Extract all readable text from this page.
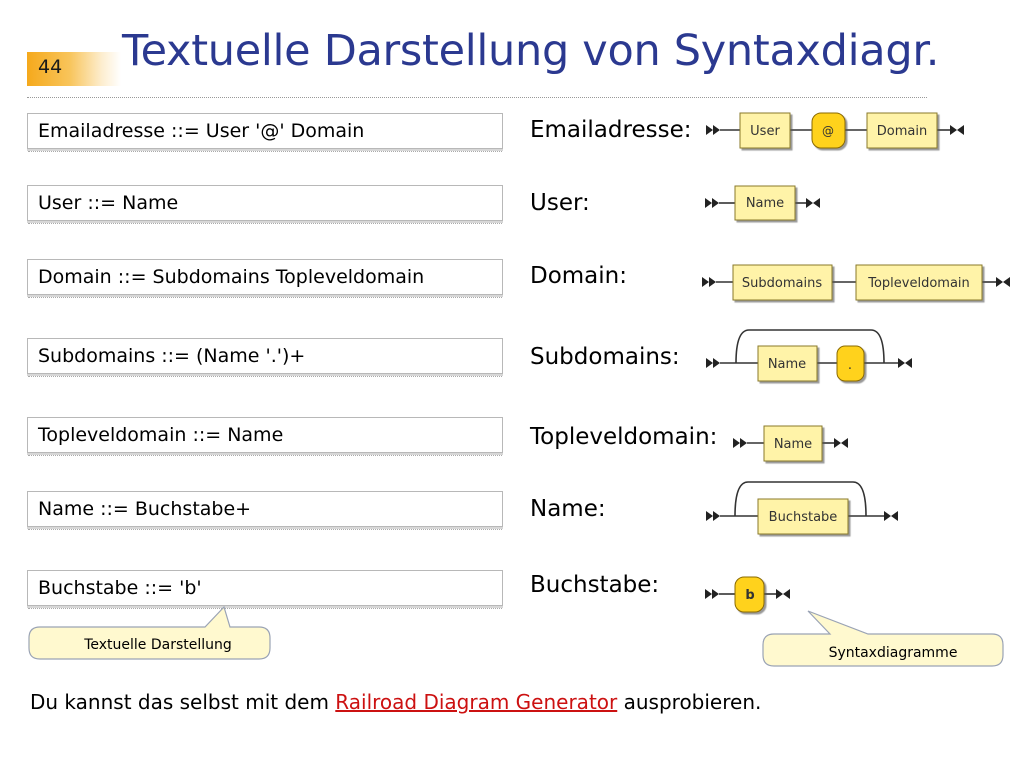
44 Textuelle Darstellung von Syntaxdiagr.
Emailadresse ::= User '@' Domain
User ::= Name
Domain ::= Subdomains Topleveldomain
Subdomains ::= (Name '.')+
Topleveldomain ::= Name
Name ::= Buchstabe+
Buchstabe ::= 'b'
Emailadresse:
User:
Domain:
Subdomains:
Topleveldomain:
Name:
Buchstabe:
User	@	Domain
Name
Subdomains	Topleveldomain
Name	.
Name
Buchstabe
b
Textuelle Darstellung	Syntaxdiagramme
Du kannst das selbst mit dem Railroad Diagram Generator ausprobieren.
